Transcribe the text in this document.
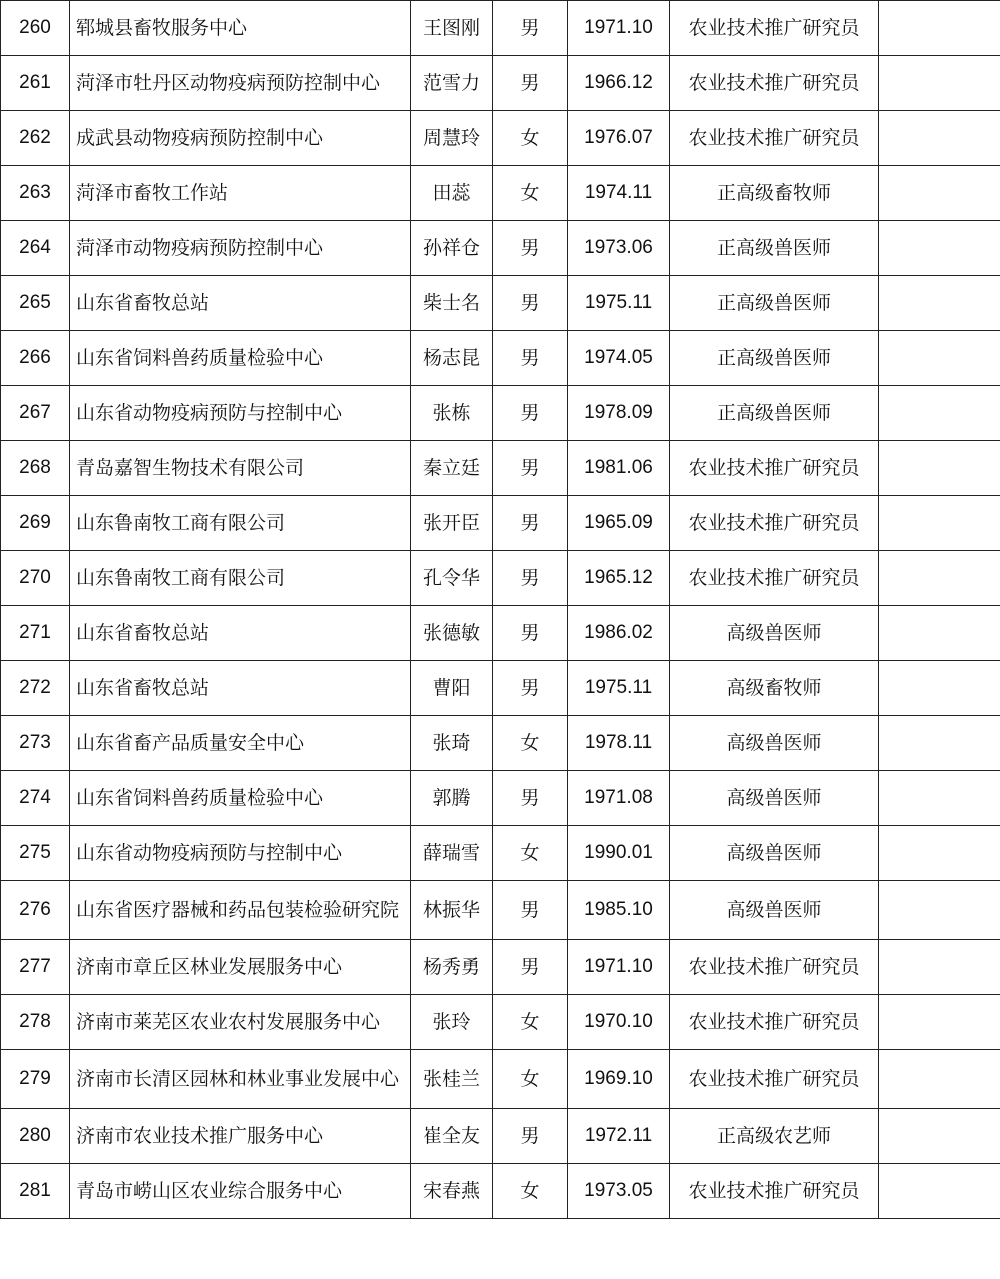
260	郓城县畜牧服务中心	王图刚	男	1971.10	农业技术推广研究员	
261	菏泽市牡丹区动物疫病预防控制中心	范雪力	男	1966.12	农业技术推广研究员	
262	成武县动物疫病预防控制中心	周慧玲	女	1976.07	农业技术推广研究员	
263	菏泽市畜牧工作站	田蕊	女	1974.11	正高级畜牧师	
264	菏泽市动物疫病预防控制中心	孙祥仓	男	1973.06	正高级兽医师	
265	山东省畜牧总站	柴士名	男	1975.11	正高级兽医师	
266	山东省饲料兽药质量检验中心	杨志昆	男	1974.05	正高级兽医师	
267	山东省动物疫病预防与控制中心	张栋	男	1978.09	正高级兽医师	
268	青岛嘉智生物技术有限公司	秦立廷	男	1981.06	农业技术推广研究员	
269	山东鲁南牧工商有限公司	张开臣	男	1965.09	农业技术推广研究员	
270	山东鲁南牧工商有限公司	孔令华	男	1965.12	农业技术推广研究员	
271	山东省畜牧总站	张德敏	男	1986.02	高级兽医师	
272	山东省畜牧总站	曹阳	男	1975.11	高级畜牧师	
273	山东省畜产品质量安全中心	张琦	女	1978.11	高级兽医师	
274	山东省饲料兽药质量检验中心	郭腾	男	1971.08	高级兽医师	
275	山东省动物疫病预防与控制中心	薛瑞雪	女	1990.01	高级兽医师	
276	山东省医疗器械和药品包装检验研究院	林振华	男	1985.10	高级兽医师	
277	济南市章丘区林业发展服务中心	杨秀勇	男	1971.10	农业技术推广研究员	
278	济南市莱芜区农业农村发展服务中心	张玲	女	1970.10	农业技术推广研究员	
279	济南市长清区园林和林业事业发展中心	张桂兰	女	1969.10	农业技术推广研究员	
280	济南市农业技术推广服务中心	崔全友	男	1972.11	正高级农艺师	
281	青岛市崂山区农业综合服务中心	宋春燕	女	1973.05	农业技术推广研究员	
